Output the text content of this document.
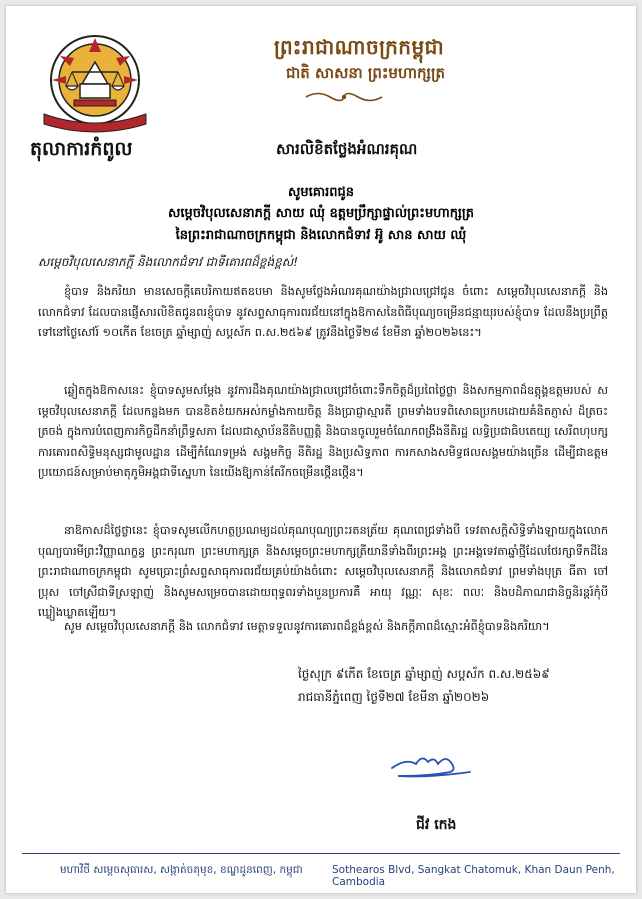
ព្រះរាជាណាចក្រកម្ពុជា
ជាតិ សាសនា ព្រះមហាក្សត្រ
តុលាការកំពូល	សារលិខិតថ្លែងអំណរគុណ
សូមគោរពជូន
សម្តេចវិបុលសេនាភក្តី សាយ ឈុំ ឧត្តមប្រឹក្សាផ្ទាល់ព្រះមហាក្សត្រ
នៃព្រះរាជាណាចក្រកម្ពុជា និងលោកជំទាវ អ៊ូ សាន សាយ ឈុំ
សម្តេចវិបុលសេនាភក្តី និងលោកជំទាវ ជាទីគោរពដ៏ខ្ពង់ខ្ពស់!
ខ្ញុំបាទ និងភរិយា មានសេចក្តីគេបរិកាយឥតឧបមា និងសូមថ្លែងអំណរគុណយ៉ាងជ្រាលជ្រៅជូន ចំពោះ សម្តេចវិបុលសេនាភក្តី និងលោកជំទាវ ដែលបានផ្ញើសារលិខិតជូនពរខ្ញុំបាទ នូវសព្ទសាធុការពរជ័យនៅក្នុងឱកាសនៃពិធីបុណ្យចម្រើនជន្មាយុរបស់ខ្ញុំបាទ ដែលនឹងប្រព្រឹត្តទៅនៅថ្ងៃសៅរ៍ ១០កើត ខែចេត្រ ឆ្នាំម្សាញ់ សប្តស័ក ព.ស.២៥៦៩ ត្រូវនឹងថ្ងៃទី២៨ ខែមីនា ឆ្នាំ២០២៦នេះ។
ឆ្លៀតក្នុងឱកាសនេះ ខ្ញុំបាទសូមសម្តែង នូវការដឹងគុណយ៉ាងជ្រាលជ្រៅចំពោះទឹកចិត្តដ៏ប្រពៃថ្លៃថ្លា និងសកម្មភាពដ៏ឧត្តុង្គឧត្តមរបស់ សម្តេចវិបុលសេនាភក្តី ដែលកន្លងមក បានខិតខំយកអស់កម្លាំងកាយចិត្ត និងប្រាជ្ញាស្មារតី ព្រមទាំងបទពិសោធប្រកបដោយគំនិតភ្ញាស់ ដ៏ត្រចះត្រចង់ ក្នុងការបំពេញភារកិច្ចដឹកនាំព្រឹទ្ធសភា ដែលជាស្ថាប័ននីតិបញ្ញត្តិ និងបានចូលរួមចំណែកពង្រឹងនីតិរដ្ឋ លទ្ធិប្រជាធិបតេយ្យ សេរីពហុបក្ស ការគោរពសិទ្ធិមនុស្សជាមូលដ្ឋាន ដើម្បីកំណែទម្រង់ សង្គមកិច្ច នីតិរដ្ឋ និងប្រសិទ្ធភាព ការកសាងសមិទ្ធផលសង្គមយ៉ាងច្រើន ដើម្បីជាឧត្តមប្រយោជន៍សម្រាប់មាតុភូមិអង្គជាទីស្នេហា នៃយើងឱ្យកាន់តែរីកចម្រើនថ្កើនថ្កើន។
នាឱកាសដ៏ថ្លៃថ្លានេះ ខ្ញុំបាទសូមលើកហត្ថប្រណម្យដល់គុណបុណ្យព្រះរតនត្រ័យ គុណពេជ្រទាំងបី ទេវតាសក្តិសិទ្ធិទាំងឡាយក្នុងលោក បុណ្យបារមីព្រះវិញ្ញាណក្ខន្ធ ព្រះករុណា ព្រះមហាក្សត្រ និងសម្តេចព្រះមហាក្សត្រីយានីទាំងពីរព្រះអង្គ ព្រះអង្គទេវតាឆ្នាំថ្មីដែលថែរក្សាទឹកដីនៃព្រះរាជាណាចក្រកម្ពុជា សូមប្រោះព្រំសព្ទសាធុការពរជ័យគ្រប់យ៉ាងចំពោះ សម្តេចវិបុលសេនាភក្តី និងលោកជំទាវ ព្រមទាំងបុត្រ ធីតា ចៅប្រុស ចៅស្រីជាទីស្រឡាញ់ និងសូមសម្រេចបានដោយពុទ្ធពរទាំងបួនប្រការគឺ អាយុ វណ្ណៈ សុខៈ ពលៈ និងបដិភាណជានិច្ចនិរន្តរ៍កុំបីឃ្លៀងឃ្លាតឡើយ។
សូម សម្តេចវិបុលសេនាភក្តី និង លោកជំទាវ មេត្តាទទួលនូវការគោរពដ៏ខ្ពង់ខ្ពស់ និងភក្តីភាពដ៏ស្មោះអំពីខ្ញុំបាទនិងភរិយា។
ថ្ងៃសុក្រ ៩កើត ខែចេត្រ ឆ្នាំម្សាញ់ សប្តស័ក ព.ស.២៥៦៩
រាជធានីភ្នំពេញ ថ្ងៃទី២៧ ខែមីនា ឆ្នាំ២០២៦
ជីវ កេង
មហាវិថី សម្តេចសុធារស, សង្កាត់ចតុមុខ, ខណ្ឌដូនពេញ, កម្ពុជា	Sothearos Blvd, Sangkat Chatomuk, Khan Daun Penh, Cambodia
